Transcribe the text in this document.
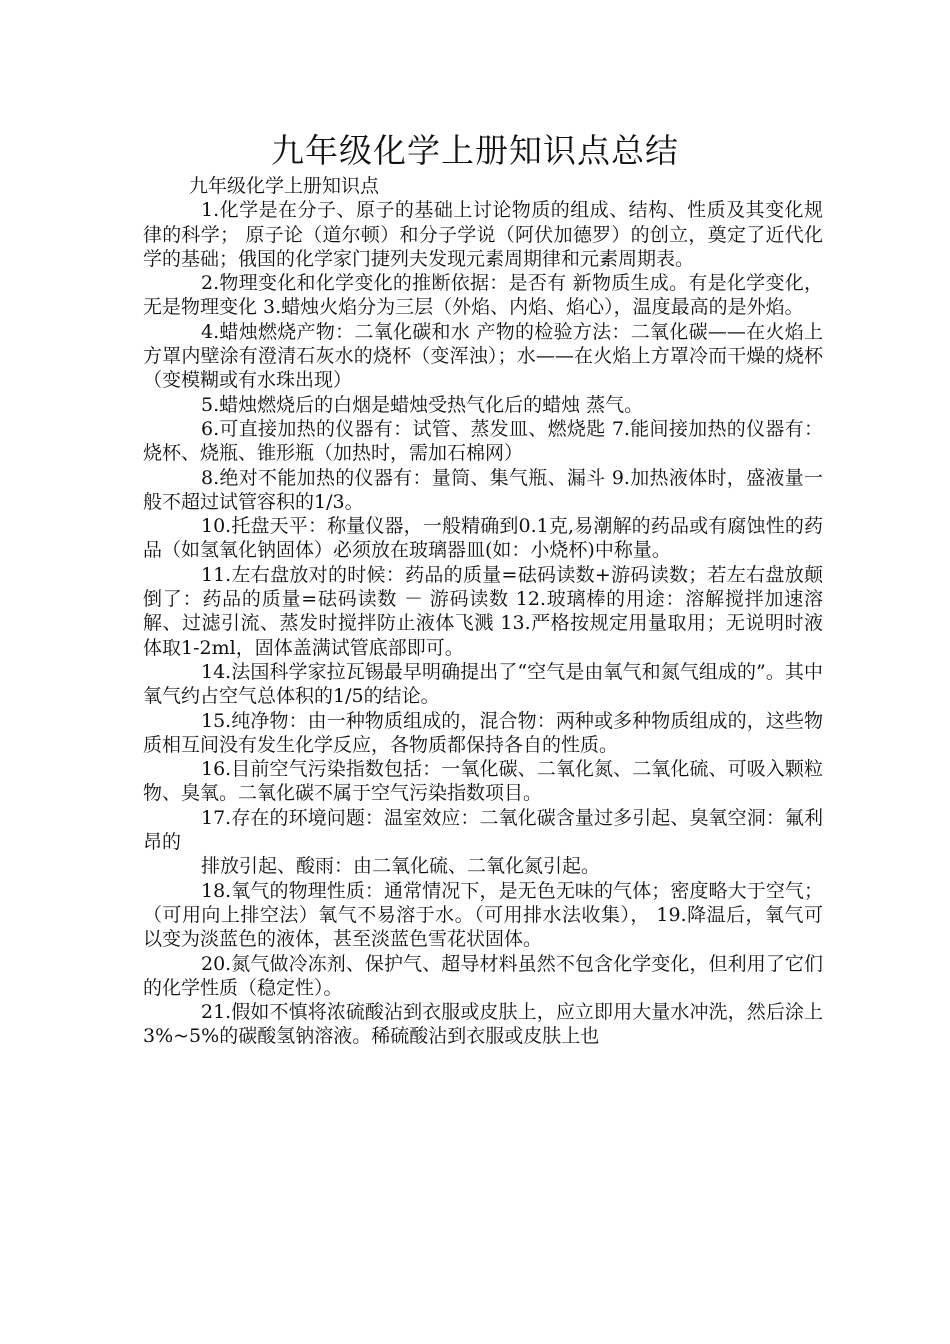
九年级化学上册知识点总结

九年级化学上册知识点

1.化学是在分子、原子的基础上讨论物质的组成、结构、性质及其变化规律的科学； 原子论（道尔顿）和分子学说（阿伏加德罗）的创立，奠定了近代化学的基础；俄国的化学家门捷列夫发现元素周期律和元素周期表。

2.物理变化和化学变化的推断依据：是否有 新物质生成。有是化学变化，无是物理变化 3.蜡烛火焰分为三层（外焰、内焰、焰心），温度最高的是外焰。

4.蜡烛燃烧产物：二氧化碳和水 产物的检验方法：二氧化碳——在火焰上方罩内壁涂有澄清石灰水的烧杯（变浑浊）；水——在火焰上方罩冷而干燥的烧杯（变模糊或有水珠出现）

5.蜡烛燃烧后的白烟是蜡烛受热气化后的蜡烛 蒸气。

6.可直接加热的仪器有：试管、蒸发皿、燃烧匙 7.能间接加热的仪器有：烧杯、烧瓶、锥形瓶（加热时，需加石棉网）

8.绝对不能加热的仪器有：量筒、集气瓶、漏斗 9.加热液体时，盛液量一般不超过试管容积的1/3。

10.托盘天平：称量仪器，一般精确到0.1克,易潮解的药品或有腐蚀性的药品（如氢氧化钠固体）必须放在玻璃器皿(如：小烧杯)中称量。

11.左右盘放对的时候：药品的质量=砝码读数+游码读数；若左右盘放颠倒了：药品的质量=砝码读数 － 游码读数 12.玻璃棒的用途：溶解搅拌加速溶解、过滤引流、蒸发时搅拌防止液体飞溅 13.严格按规定用量取用；无说明时液体取1-2ml，固体盖满试管底部即可。

14.法国科学家拉瓦锡最早明确提出了“空气是由氧气和氮气组成的”。其中氧气约占空气总体积的1/5的结论。

15.纯净物：由一种物质组成的，混合物：两种或多种物质组成的，这些物质相互间没有发生化学反应，各物质都保持各自的性质。

16.目前空气污染指数包括：一氧化碳、二氧化氮、二氧化硫、可吸入颗粒物、臭氧。二氧化碳不属于空气污染指数项目。

17.存在的环境问题：温室效应：二氧化碳含量过多引起、臭氧空洞：氟利昂的

排放引起、酸雨：由二氧化硫、二氧化氮引起。

18.氧气的物理性质：通常情况下，是无色无味的气体；密度略大于空气；（可用向上排空法）氧气不易溶于水。（可用排水法收集）， 19.降温后，氧气可以变为淡蓝色的液体，甚至淡蓝色雪花状固体。

20.氮气做冷冻剂、保护气、超导材料虽然不包含化学变化，但利用了它们的化学性质（稳定性）。

21.假如不慎将浓硫酸沾到衣服或皮肤上，应立即用大量水冲洗，然后涂上3%~5%的碳酸氢钠溶液。稀硫酸沾到衣服或皮肤上也
